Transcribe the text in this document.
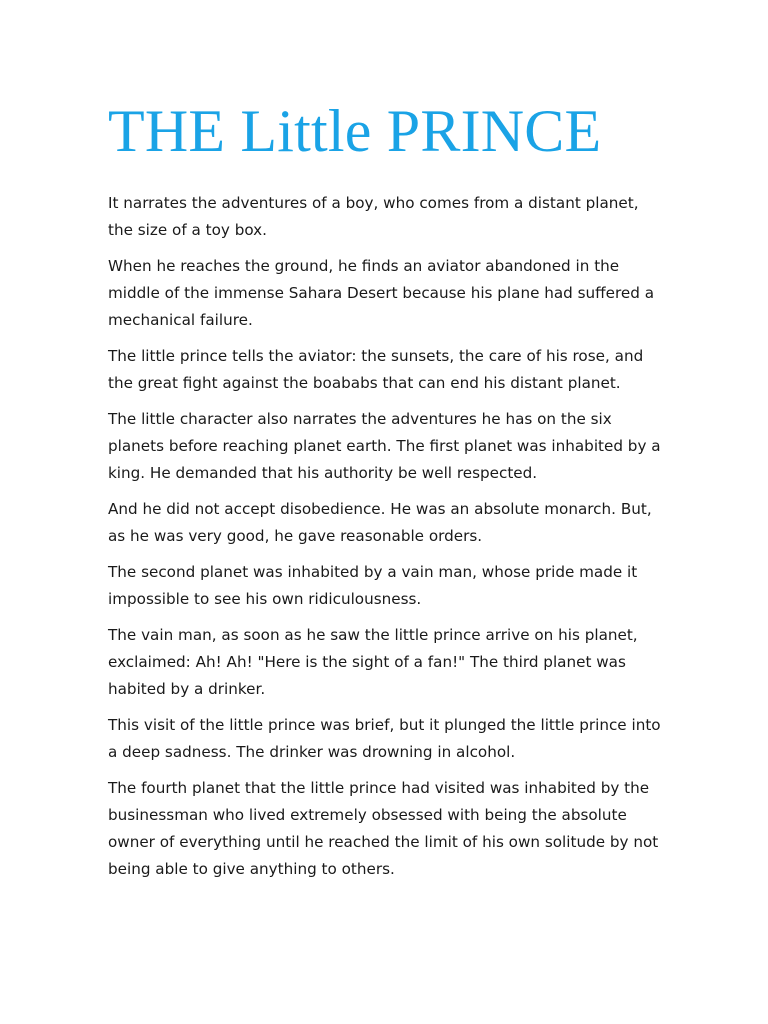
THE Little PRINCE

It narrates the adventures of a boy, who comes from a distant planet, the size of a toy box.

When he reaches the ground, he finds an aviator abandoned in the middle of the immense Sahara Desert because his plane had suffered a mechanical failure.

The little prince tells the aviator: the sunsets, the care of his rose, and the great fight against the boababs that can end his distant planet.

The little character also narrates the adventures he has on the six planets before reaching planet earth. The first planet was inhabited by a king. He demanded that his authority be well respected.

And he did not accept disobedience. He was an absolute monarch. But, as he was very good, he gave reasonable orders.

The second planet was inhabited by a vain man, whose pride made it impossible to see his own ridiculousness.

The vain man, as soon as he saw the little prince arrive on his planet, exclaimed: Ah! Ah! "Here is the sight of a fan!" The third planet was habited by a drinker.

This visit of the little prince was brief, but it plunged the little prince into a deep sadness. The drinker was drowning in alcohol.

The fourth planet that the little prince had visited was inhabited by the businessman who lived extremely obsessed with being the absolute owner of everything until he reached the limit of his own solitude by not being able to give anything to others.
